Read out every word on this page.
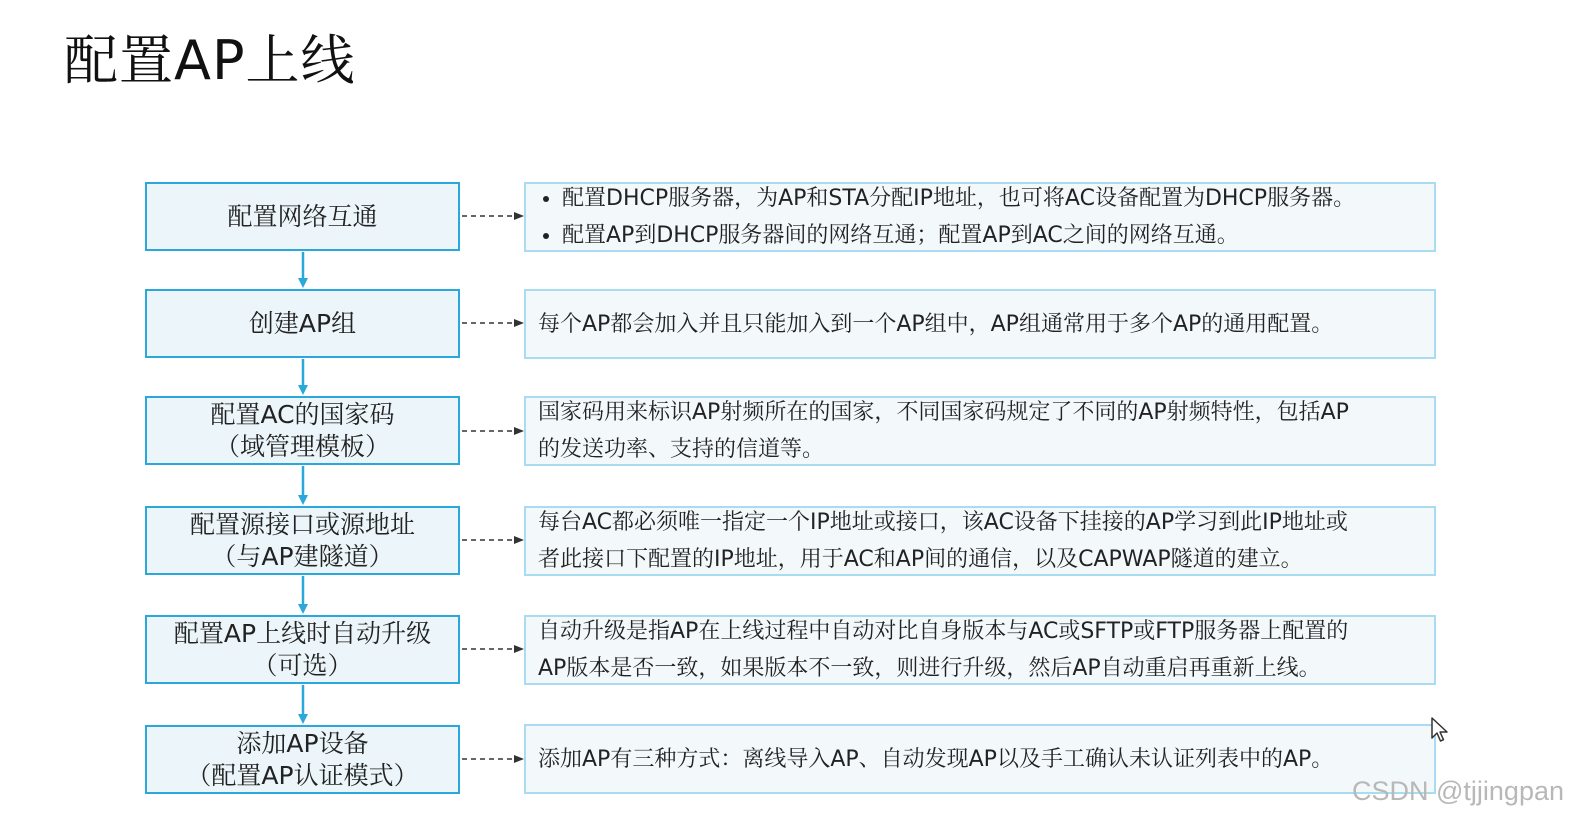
配置AP上线
配置网络互通
• 配置DHCP服务器，为AP和STA分配IP地址，也可将AC设备配置为DHCP服务器。
• 配置AP到DHCP服务器间的网络互通；配置AP到AC之间的网络互通。
创建AP组	每个AP都会加入并且只能加入到一个AP组中，AP组通常用于多个AP的通用配置。
配置AC的国家码
（域管理模板）
国家码用来标识AP射频所在的国家，不同国家码规定了不同的AP射频特性，包括AP
的发送功率、支持的信道等。
配置源接口或源地址
（与AP建隧道）
每台AC都必须唯一指定一个IP地址或接口，该AC设备下挂接的AP学习到此IP地址或
者此接口下配置的IP地址，用于AC和AP间的通信，以及CAPWAP隧道的建立。
配置AP上线时自动升级
（可选）
自动升级是指AP在上线过程中自动对比自身版本与AC或SFTP或FTP服务器上配置的
AP版本是否一致，如果版本不一致，则进行升级，然后AP自动重启再重新上线。
添加AP设备
（配置AP认证模式）
添加AP有三种方式：离线导入AP、自动发现AP以及手工确认未认证列表中的AP。
CSDN @tjjingpan
